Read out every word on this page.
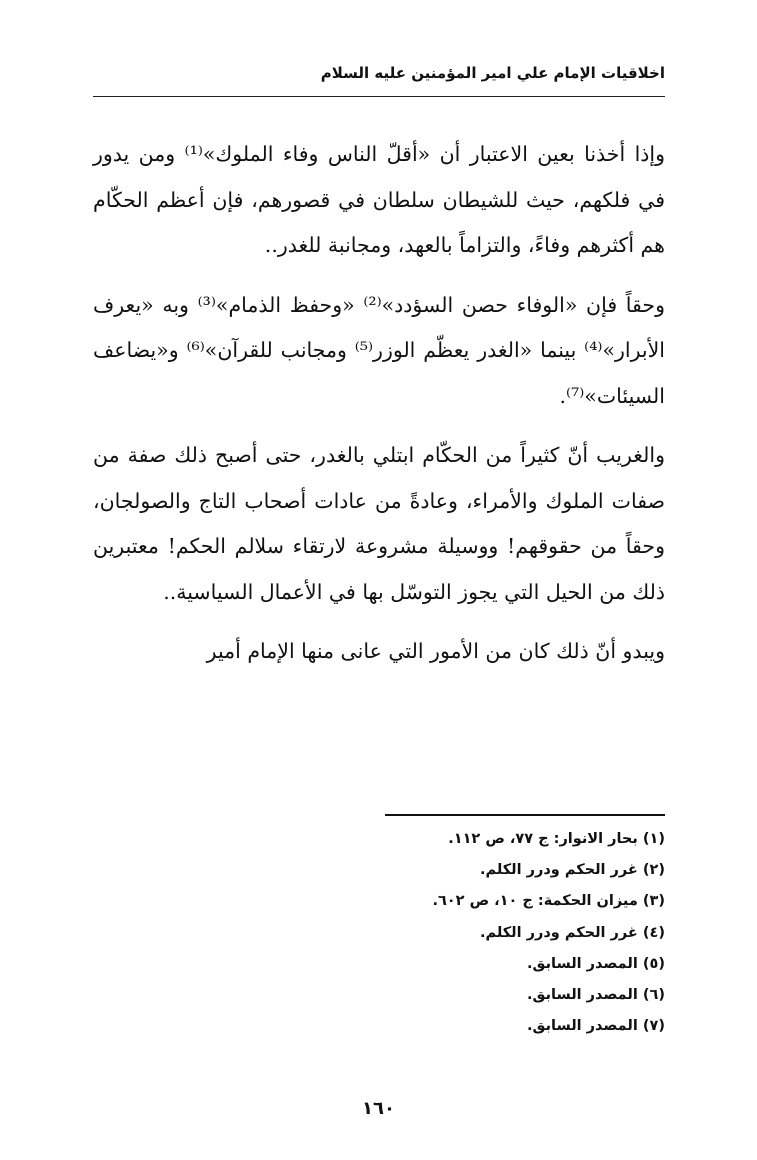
اخلاقيات الإمام علي امير المؤمنين عليه السلام

وإذا أخذنا بعين الاعتبار أن «أقلّ الناس وفاء الملوك»⁽¹⁾ ومن يدور في فلكهم، حيث للشيطان سلطان في قصورهم، فإن أعظم الحكّام هم أكثرهم وفاءً، والتزاماً بالعهد، ومجانبة للغدر..

وحقاً فإن «الوفاء حصن السؤدد»⁽²⁾ «وحفظ الذمام»⁽³⁾ وبه «يعرف الأبرار»⁽⁴⁾ بينما «الغدر يعظّم الوزر⁽⁵⁾ ومجانب للقرآن»⁽⁶⁾ و«يضاعف السيئات»⁽⁷⁾.

والغريب أنّ كثيراً من الحكّام ابتلي بالغدر، حتى أصبح ذلك صفة من صفات الملوك والأمراء، وعادةً من عادات أصحاب التاج والصولجان، وحقاً من حقوقهم! ووسيلة مشروعة لارتقاء سلالم الحكم! معتبرين ذلك من الحيل التي يجوز التوسّل بها في الأعمال السياسية..

ويبدو أنّ ذلك كان من الأمور التي عانى منها الإمام أمير

(١) بحار الانوار: ج ٧٧، ص ١١٢.
(٢) غرر الحكم ودرر الكلم.
(٣) ميزان الحكمة: ج ١٠، ص ٦٠٢.
(٤) غرر الحكم ودرر الكلم.
(٥) المصدر السابق.
(٦) المصدر السابق.
(٧) المصدر السابق.
١٦٠
